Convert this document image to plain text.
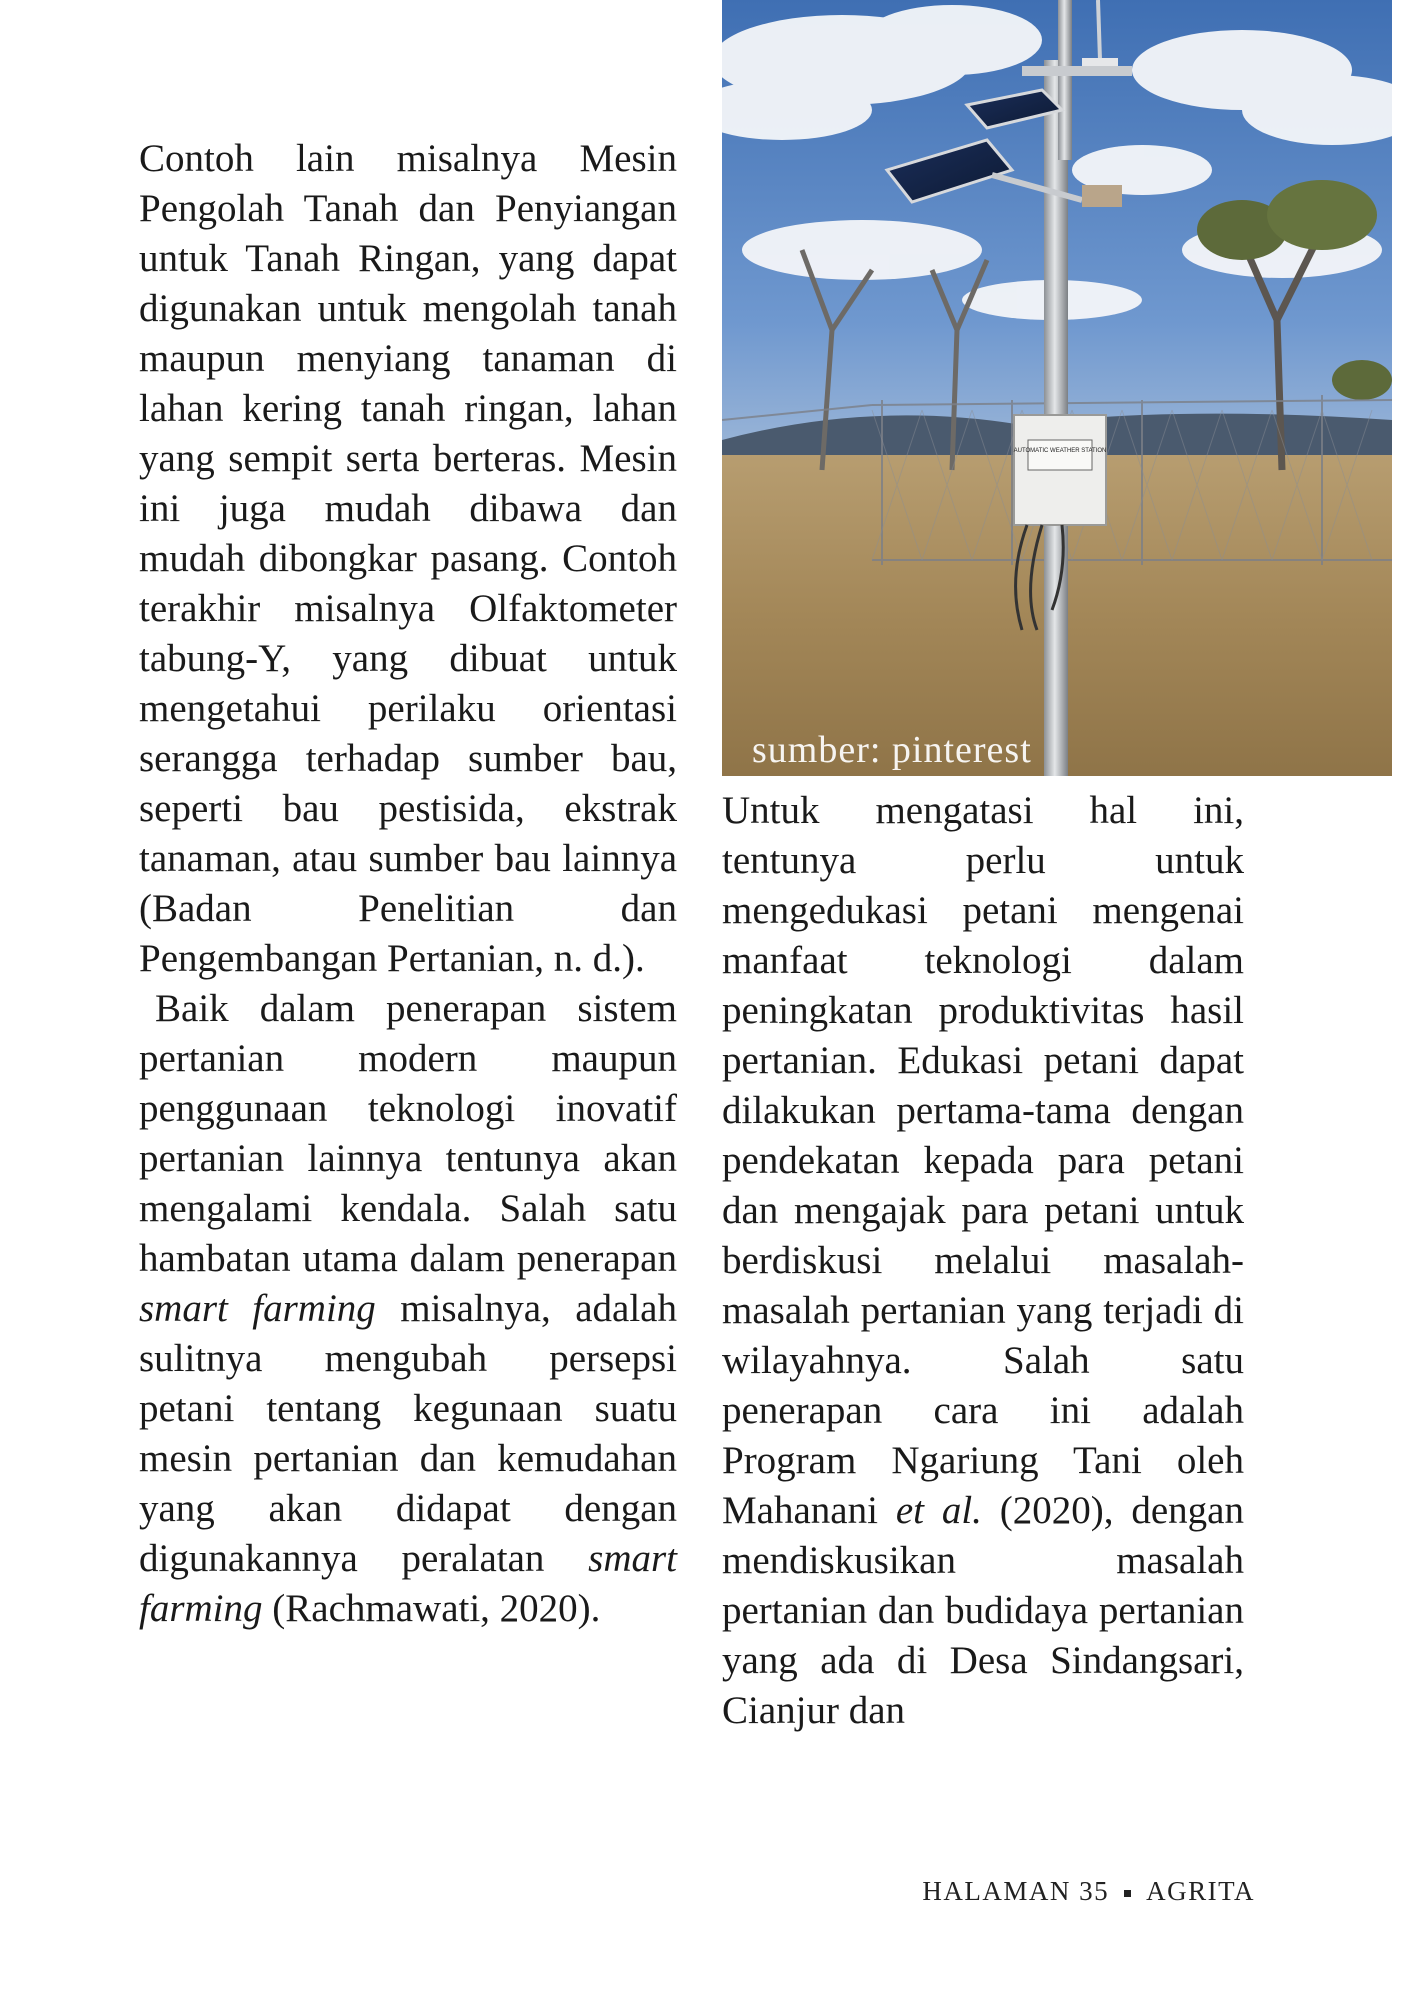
Contoh lain misalnya Mesin Pengolah Tanah dan Penyiangan untuk Tanah Ringan, yang dapat digunakan untuk mengolah tanah maupun menyiang tanaman di lahan kering tanah ringan, lahan yang sempit serta berteras. Mesin ini juga mudah dibawa dan mudah dibongkar pasang. Contoh terakhir misalnya Olfaktometer tabung-Y, yang dibuat untuk mengetahui perilaku orientasi serangga terhadap sumber bau, seperti bau pestisida, ekstrak tanaman, atau sumber bau lainnya (Badan Penelitian dan Pengembangan Pertanian, n. d.).

Baik dalam penerapan sistem pertanian modern maupun penggunaan teknologi inovatif pertanian lainnya tentunya akan mengalami kendala. Salah satu hambatan utama dalam penerapan smart farming misalnya, adalah sulitnya mengubah persepsi petani tentang kegunaan suatu mesin pertanian dan kemudahan yang akan didapat dengan digunakannya peralatan smart farming (Rachmawati, 2020).

AUTOMATIC WEATHER STATION
sumber: pinterest

Untuk mengatasi hal ini, tentunya perlu untuk mengedukasi petani mengenai manfaat teknologi dalam peningkatan produktivitas hasil pertanian. Edukasi petani dapat dilakukan pertama-tama dengan pendekatan kepada para petani dan mengajak para petani untuk berdiskusi melalui masalah-masalah pertanian yang terjadi di wilayahnya. Salah satu penerapan cara ini adalah Program Ngariung Tani oleh Mahanani et al. (2020), dengan mendiskusikan masalah pertanian dan budidaya pertanian yang ada di Desa Sindangsari, Cianjur dan

HALAMAN 35 AGRITA
